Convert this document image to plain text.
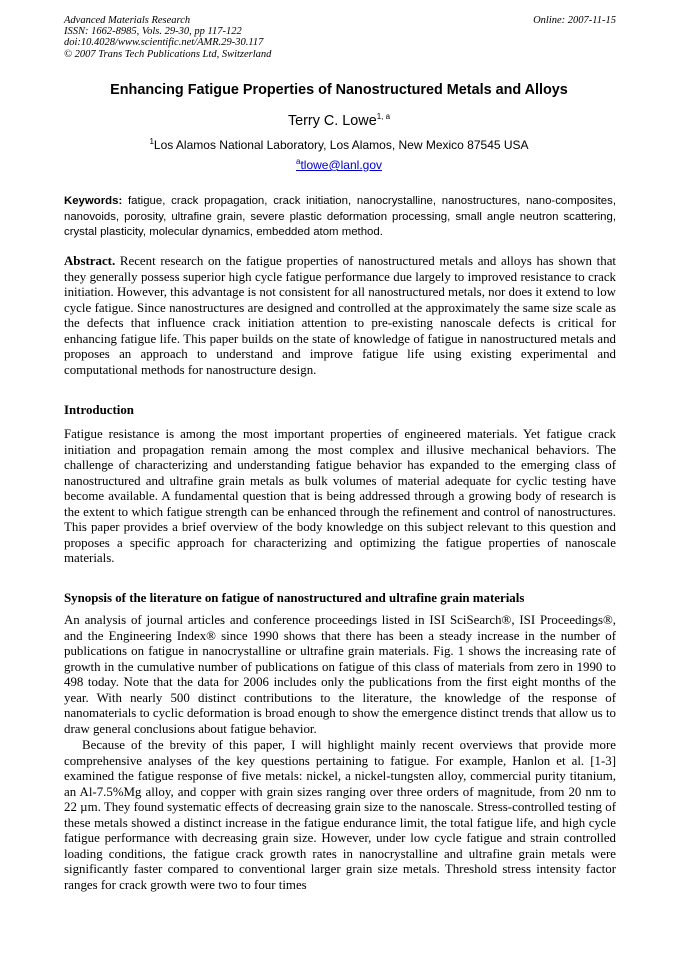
Advanced Materials Research
ISSN: 1662-8985, Vols. 29-30, pp 117-122
doi:10.4028/www.scientific.net/AMR.29-30.117
© 2007 Trans Tech Publications Ltd, Switzerland
Online: 2007-11-15
Enhancing Fatigue Properties of Nanostructured Metals and Alloys
Terry C. Lowe$^{1, a}$
$^1$Los Alamos National Laboratory, Los Alamos, New Mexico 87545 USA
$^a$tlowe@lanl.gov
Keywords: fatigue, crack propagation, crack initiation, nanocrystalline, nanostructures, nano-composites, nanovoids, porosity, ultrafine grain, severe plastic deformation processing, small angle neutron scattering, crystal plasticity, molecular dynamics, embedded atom method.
Abstract. Recent research on the fatigue properties of nanostructured metals and alloys has shown that they generally possess superior high cycle fatigue performance due largely to improved resistance to crack initiation. However, this advantage is not consistent for all nanostructured metals, nor does it extend to low cycle fatigue. Since nanostructures are designed and controlled at the approximately the same size scale as the defects that influence crack initiation attention to pre-existing nanoscale defects is critical for enhancing fatigue life. This paper builds on the state of knowledge of fatigue in nanostructured metals and proposes an approach to understand and improve fatigue life using existing experimental and computational methods for nanostructure design.
Introduction
Fatigue resistance is among the most important properties of engineered materials. Yet fatigue crack initiation and propagation remain among the most complex and illusive mechanical behaviors. The challenge of characterizing and understanding fatigue behavior has expanded to the emerging class of nanostructured and ultrafine grain metals as bulk volumes of material adequate for cyclic testing have become available. A fundamental question that is being addressed through a growing body of research is the extent to which fatigue strength can be enhanced through the refinement and control of nanostructures. This paper provides a brief overview of the body knowledge on this subject relevant to this question and proposes a specific approach for characterizing and optimizing the fatigue properties of nanoscale materials.
Synopsis of the literature on fatigue of nanostructured and ultrafine grain materials
An analysis of journal articles and conference proceedings listed in ISI SciSearch®, ISI Proceedings®, and the Engineering Index® since 1990 shows that there has been a steady increase in the number of publications on fatigue in nanocrystalline or ultrafine grain materials. Fig. 1 shows the increasing rate of growth in the cumulative number of publications on fatigue of this class of materials from zero in 1990 to 498 today. Note that the data for 2006 includes only the publications from the first eight months of the year. With nearly 500 distinct contributions to the literature, the knowledge of the response of nanomaterials to cyclic deformation is broad enough to show the emergence distinct trends that allow us to draw general conclusions about fatigue behavior.
Because of the brevity of this paper, I will highlight mainly recent overviews that provide more comprehensive analyses of the key questions pertaining to fatigue. For example, Hanlon et al. [1-3] examined the fatigue response of five metals: nickel, a nickel-tungsten alloy, commercial purity titanium, an Al-7.5%Mg alloy, and copper with grain sizes ranging over three orders of magnitude, from 20 nm to 22 µm. They found systematic effects of decreasing grain size to the nanoscale. Stress-controlled testing of these metals showed a distinct increase in the fatigue endurance limit, the total fatigue life, and high cycle fatigue performance with decreasing grain size. However, under low cycle fatigue and strain controlled loading conditions, the fatigue crack growth rates in nanocrystalline and ultrafine grain metals were significantly faster compared to conventional larger grain size metals. Threshold stress intensity factor ranges for crack growth were two to four times
